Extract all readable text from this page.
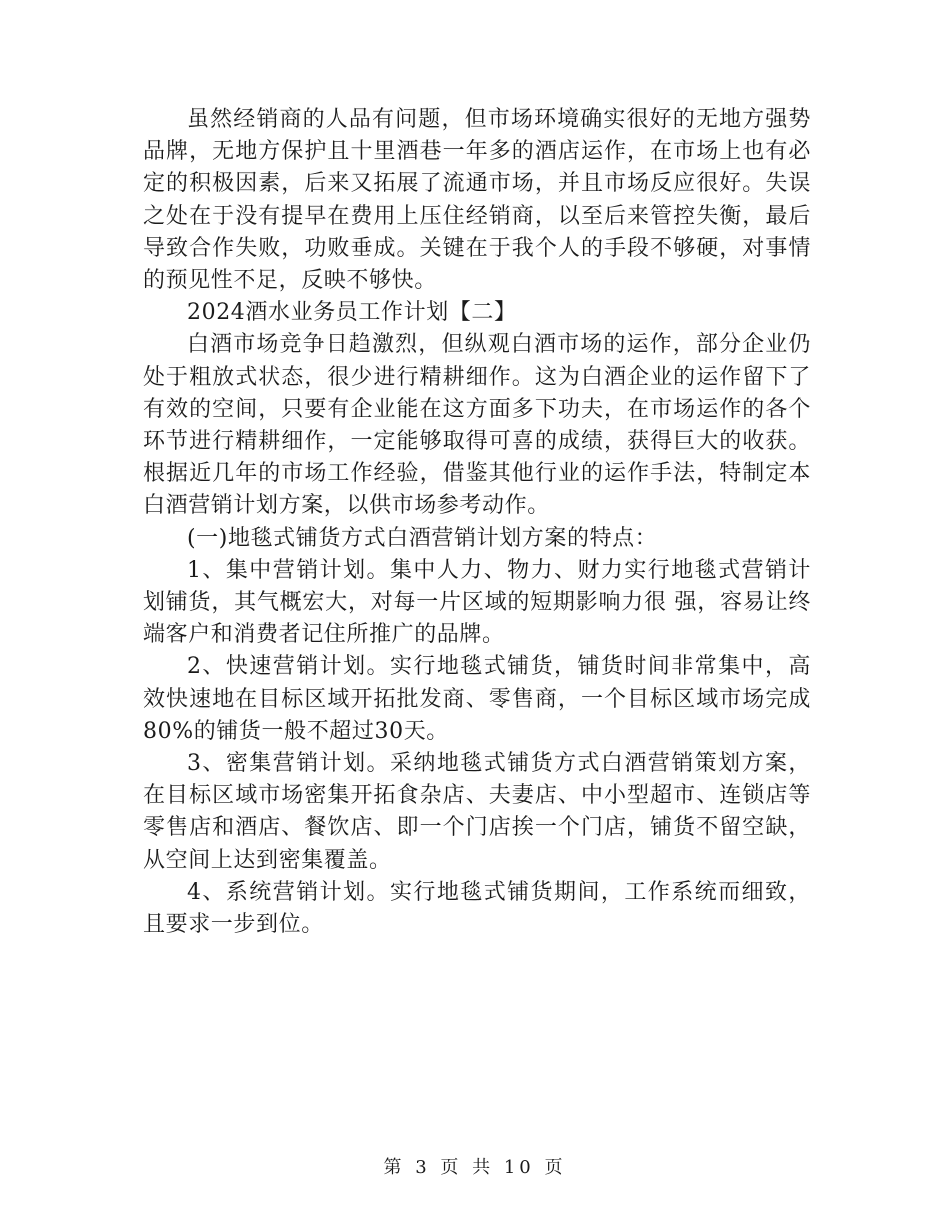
虽然经销商的人品有问题，但市场环境确实很好的无地方强势品牌，无地方保护且十里酒巷一年多的酒店运作，在市场上也有必定的积极因素，后来又拓展了流通市场，并且市场反应很好。失误之处在于没有提早在费用上压住经销商，以至后来管控失衡，最后导致合作失败，功败垂成。关键在于我个人的手段不够硬，对事情的预见性不足，反映不够快。

2024酒水业务员工作计划【二】

白酒市场竞争日趋激烈，但纵观白酒市场的运作，部分企业仍处于粗放式状态，很少进行精耕细作。这为白酒企业的运作留下了有效的空间，只要有企业能在这方面多下功夫，在市场运作的各个环节进行精耕细作，一定能够取得可喜的成绩，获得巨大的收获。根据近几年的市场工作经验，借鉴其他行业的运作手法，特制定本白酒营销计划方案，以供市场参考动作。

(一)地毯式铺货方式白酒营销计划方案的特点：

1、集中营销计划。集中人力、物力、财力实行地毯式营销计划铺货，其气概宏大，对每一片区域的短期影响力很 强，容易让终端客户和消费者记住所推广的品牌。

2、快速营销计划。实行地毯式铺货，铺货时间非常集中，高效快速地在目标区域开拓批发商、零售商，一个目标区域市场完成80%的铺货一般不超过30天。

3、密集营销计划。采纳地毯式铺货方式白酒营销策划方案，在目标区域市场密集开拓食杂店、夫妻店、中小型超市、连锁店等零售店和酒店、餐饮店、即一个门店挨一个门店，铺货不留空缺，从空间上达到密集覆盖。

4、系统营销计划。实行地毯式铺货期间，工作系统而细致，且要求一步到位。

第 3 页 共 10 页
